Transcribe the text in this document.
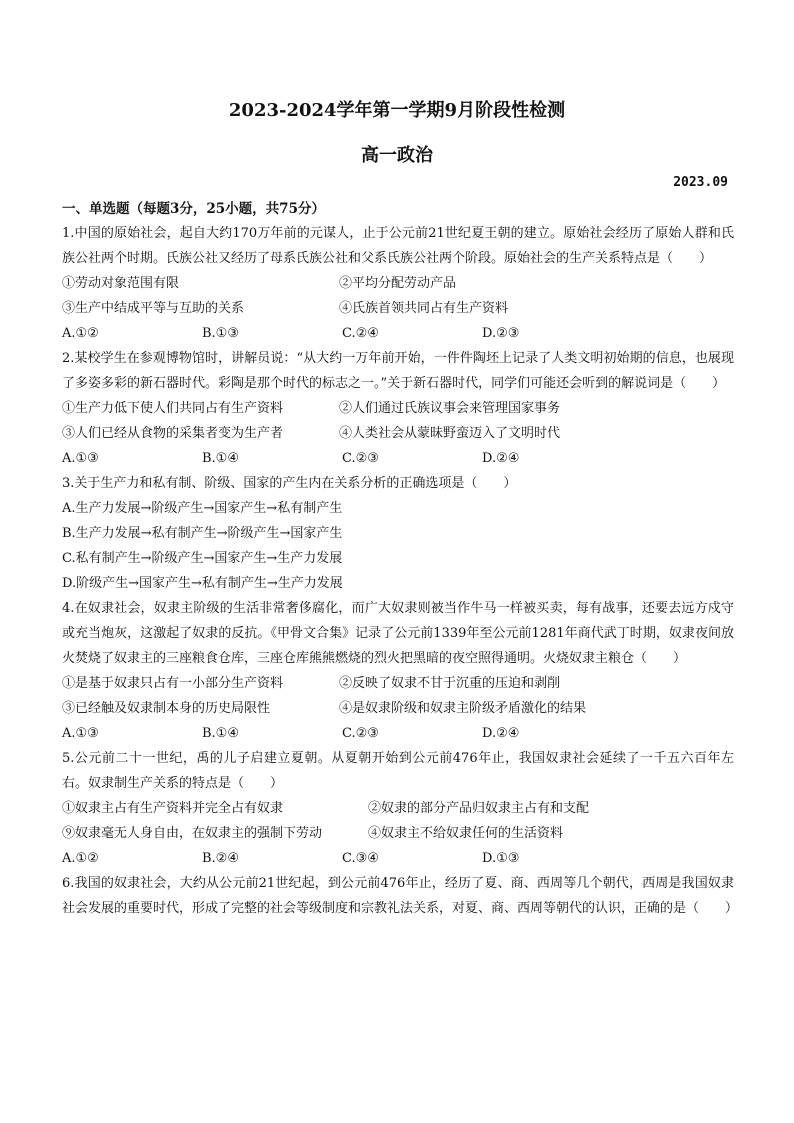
2023-2024学年第一学期9月阶段性检测
高一政治
2023.09
一、单选题（每题3分，25小题，共75分）
1.中国的原始社会，起自大约170万年前的元谋人，止于公元前21世纪夏王朝的建立。原始社会经历了原始人群和氏族公社两个时期。氏族公社又经历了母系氏族公社和父系氏族公社两个阶段。原始社会的生产关系特点是（　　）
①劳动对象范围有限	②平均分配劳动产品
③生产中结成平等与互助的关系	④氏族首领共同占有生产资料
A.①②	B.①③	C.②④	D.②③
2.某校学生在参观博物馆时，讲解员说：“从大约一万年前开始，一件件陶坯上记录了人类文明初始期的信息，也展现了多姿多彩的新石器时代。彩陶是那个时代的标志之一。”关于新石器时代，同学们可能还会听到的解说词是（　　）
①生产力低下使人们共同占有生产资料	②人们通过氏族议事会来管理国家事务
③人们已经从食物的采集者变为生产者	④人类社会从蒙昧野蛮迈入了文明时代
A.①③	B.①④	C.②③	D.②④
3.关于生产力和私有制、阶级、国家的产生内在关系分析的正确选项是（　　）
A.生产力发展→阶级产生→国家产生→私有制产生
B.生产力发展→私有制产生→阶级产生→国家产生
C.私有制产生→阶级产生→国家产生→生产力发展
D.阶级产生→国家产生→私有制产生→生产力发展
4.在奴隶社会，奴隶主阶级的生活非常奢侈腐化，而广大奴隶则被当作牛马一样被买卖，每有战事，还要去远方戍守或充当炮灰，这激起了奴隶的反抗。《甲骨文合集》记录了公元前1339年至公元前1281年商代武丁时期，奴隶夜间放火焚烧了奴隶主的三座粮食仓库，三座仓库熊熊燃烧的烈火把黑暗的夜空照得通明。火烧奴隶主粮仓（　　）
①是基于奴隶只占有一小部分生产资料	②反映了奴隶不甘于沉重的压迫和剥削
③已经触及奴隶制本身的历史局限性	④是奴隶阶级和奴隶主阶级矛盾激化的结果
A.①③	B.①④	C.②③	D.②④
5.公元前二十一世纪，禹的儿子启建立夏朝。从夏朝开始到公元前476年止，我国奴隶社会延续了一千五六百年左右。奴隶制生产关系的特点是（　　）
①奴隶主占有生产资料并完全占有奴隶	②奴隶的部分产品归奴隶主占有和支配
⑨奴隶毫无人身自由，在奴隶主的强制下劳动	④奴隶主不给奴隶任何的生活资料
A.①②	B.②④	C.③④	D.①③
6.我国的奴隶社会，大约从公元前21世纪起，到公元前476年止，经历了夏、商、西周等几个朝代，西周是我国奴隶社会发展的重要时代，形成了完整的社会等级制度和宗教礼法关系，对夏、商、西周等朝代的认识，正确的是（　　）
